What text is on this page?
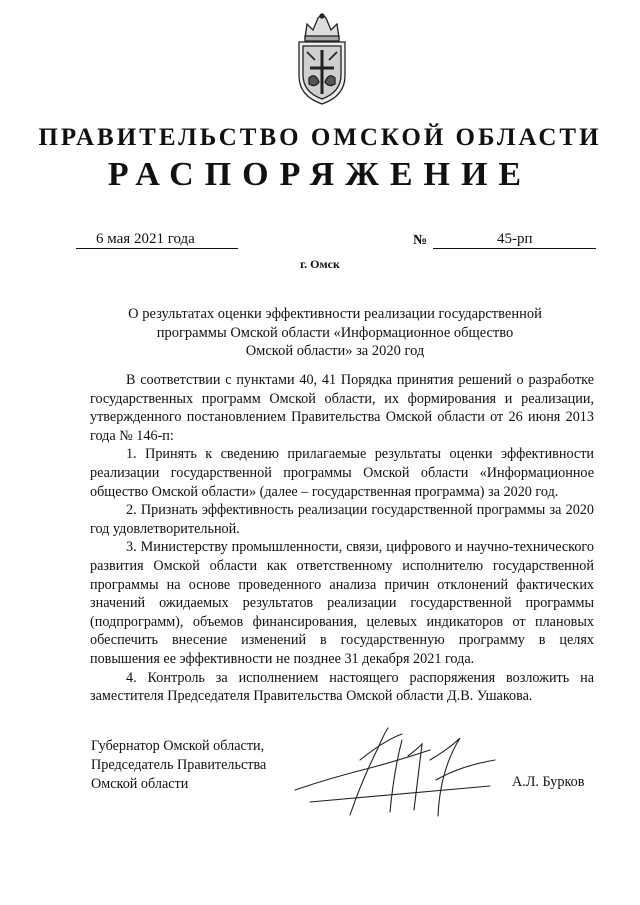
ПРАВИТЕЛЬСТВО ОМСКОЙ ОБЛАСТИ
РАСПОРЯЖЕНИЕ
6 мая 2021 года	№	45-рп
г. Омск
О результатах оценки эффективности реализации государственной
программы Омской области «Информационное общество
Омской области» за 2020 год

В соответствии с пунктами 40, 41 Порядка принятия решений о разработке государственных программ Омской области, их формирования и реализации, утвержденного постановлением Правительства Омской области от 26 июня 2013 года № 146-п:

1. Принять к сведению прилагаемые результаты оценки эффективности реализации государственной программы Омской области «Информационное общество Омской области» (далее – государственная программа) за 2020 год.

2. Признать эффективность реализации государственной программы за 2020 год удовлетворительной.

3. Министерству промышленности, связи, цифрового и научно-технического развития Омской области как ответственному исполнителю государственной программы на основе проведенного анализа причин отклонений фактических значений ожидаемых результатов реализации государственной программы (подпрограмм), объемов финансирования, целевых индикаторов от плановых обеспечить внесение изменений в государственную программу в целях повышения ее эффективности не позднее 31 декабря 2021 года.

4. Контроль за исполнением настоящего распоряжения возложить на заместителя Председателя Правительства Омской области Д.В. Ушакова.

Губернатор Омской области,
Председатель Правительства
Омской области	А.Л. Бурков
